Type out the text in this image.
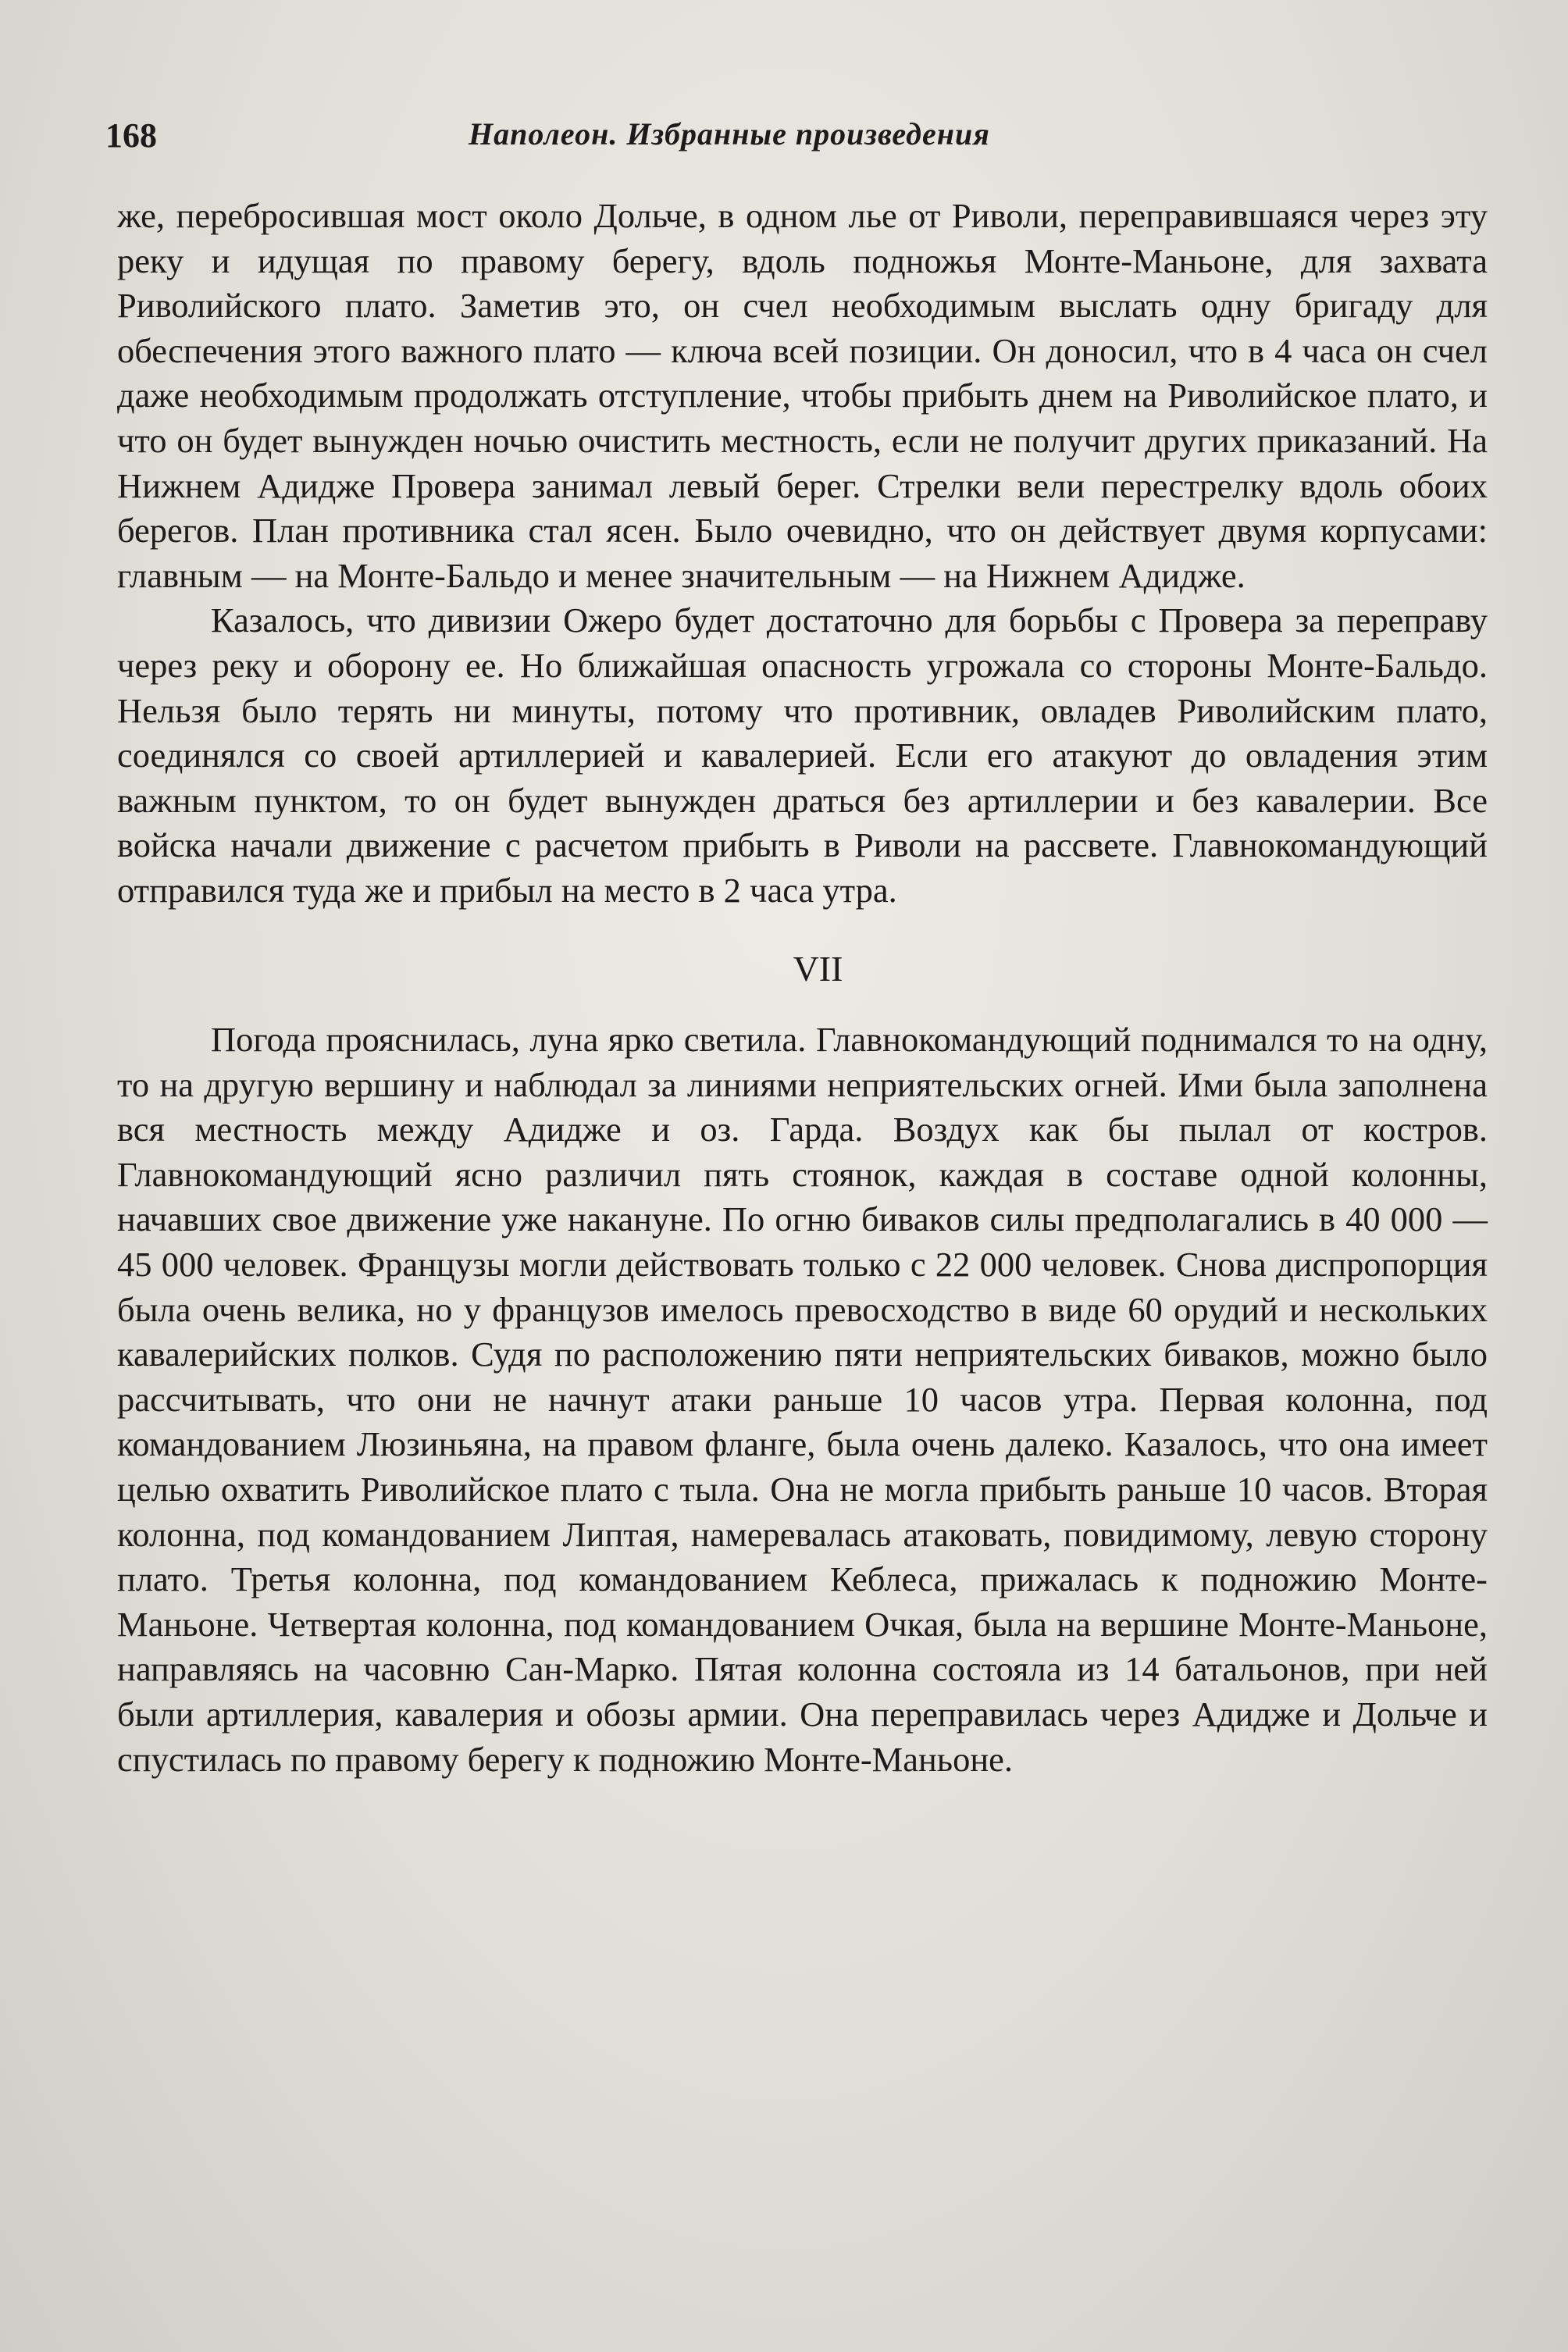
168	Наполеон. Избранные произведения

же, перебросившая мост около Дольче, в одном лье от Риволи, переправившаяся через эту реку и идущая по правому берегу, вдоль подножья Монте-Маньоне, для захвата Риволийского плато. Заметив это, он счел необходимым выслать одну бригаду для обеспечения этого важного плато — ключа всей позиции. Он доносил, что в 4 часа он счел даже необходимым продолжать отступление, чтобы прибыть днем на Риволийское плато, и что он будет вынужден ночью очистить местность, если не получит других приказаний. На Нижнем Адидже Провера занимал левый берег. Стрелки вели перестрелку вдоль обоих берегов. План противника стал ясен. Было очевидно, что он действует двумя корпусами: главным — на Монте-Бальдо и менее значительным — на Нижнем Адидже.

Казалось, что дивизии Ожеро будет достаточно для борьбы с Провера за переправу через реку и оборону ее. Но ближайшая опасность угрожала со стороны Монте-Бальдо. Нельзя было терять ни минуты, потому что противник, овладев Риволийским плато, соединялся со своей артиллерией и кавалерией. Если его атакуют до овладения этим важным пунктом, то он будет вынужден драться без артиллерии и без кавалерии. Все войска начали движение с расчетом прибыть в Риволи на рассвете. Главнокомандующий отправился туда же и прибыл на место в 2 часа утра.

VII

Погода прояснилась, луна ярко светила. Главнокомандующий поднимался то на одну, то на другую вершину и наблюдал за линиями неприятельских огней. Ими была заполнена вся местность между Адидже и оз. Гарда. Воздух как бы пылал от костров. Главнокомандующий ясно различил пять стоянок, каждая в составе одной колонны, начавших свое движение уже накануне. По огню бивакoв силы предполагались в 40 000 — 45 000 человек. Французы могли действовать только с 22 000 человек. Снова диспропорция была очень велика, но у французов имелось превосходство в виде 60 орудий и нескольких кавалерийских полков. Судя по расположению пяти неприятельских биваков, можно было рассчитывать, что они не начнут атаки раньше 10 часов утра. Первая колонна, под командованием Люзиньяна, на правом фланге, была очень далеко. Казалось, что она имеет целью охватить Риволийское плато с тыла. Она не могла прибыть раньше 10 часов. Вторая колонна, под командованием Липтая, намеревалась атаковать, повидимому, левую сторону плато. Третья колонна, под командованием Кеблеса, прижалась к подножию Монте-Маньоне. Четвертая колонна, под командованием Очкая, была на вершине Монте-Маньоне, направляясь на часовню Сан-Марко. Пятая колонна состояла из 14 батальонов, при ней были артиллерия, кавалерия и обозы армии. Она переправилась через Адидже и Дольче и спустилась по правому берегу к подножию Монте-Маньоне.
